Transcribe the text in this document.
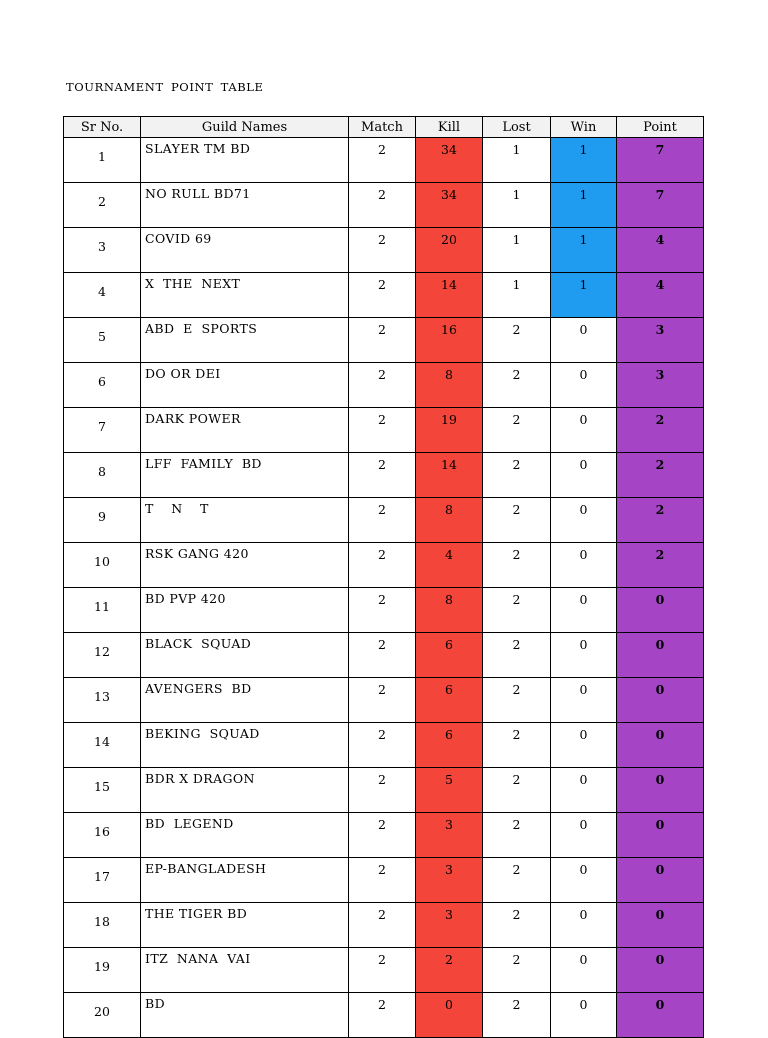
TOURNAMENT POINT TABLE
Sr No.	Guild Names	Match	Kill	Lost	Win	Point
1	SLAYER TM BD	2	34	1	1	7
2	NO RULL BD71	2	34	1	1	7
3	COVID 69	2	20	1	1	4
4	X  THE  NEXT	2	14	1	1	4
5	ABD  E  SPORTS	2	16	2	0	3
6	DO OR DEI	2	8	2	0	3
7	DARK POWER	2	19	2	0	2
8	LFF  FAMILY  BD	2	14	2	0	2
9	T    N    T	2	8	2	0	2
10	RSK GANG 420	2	4	2	0	2
11	BD PVP 420	2	8	2	0	0
12	BLACK  SQUAD	2	6	2	0	0
13	AVENGERS  BD	2	6	2	0	0
14	BEKING  SQUAD	2	6	2	0	0
15	BDR X DRAGON	2	5	2	0	0
16	BD  LEGEND	2	3	2	0	0
17	EP-BANGLADESH	2	3	2	0	0
18	THE TIGER BD	2	3	2	0	0
19	ITZ  NANA  VAI	2	2	2	0	0
20	BD	2	0	2	0	0
